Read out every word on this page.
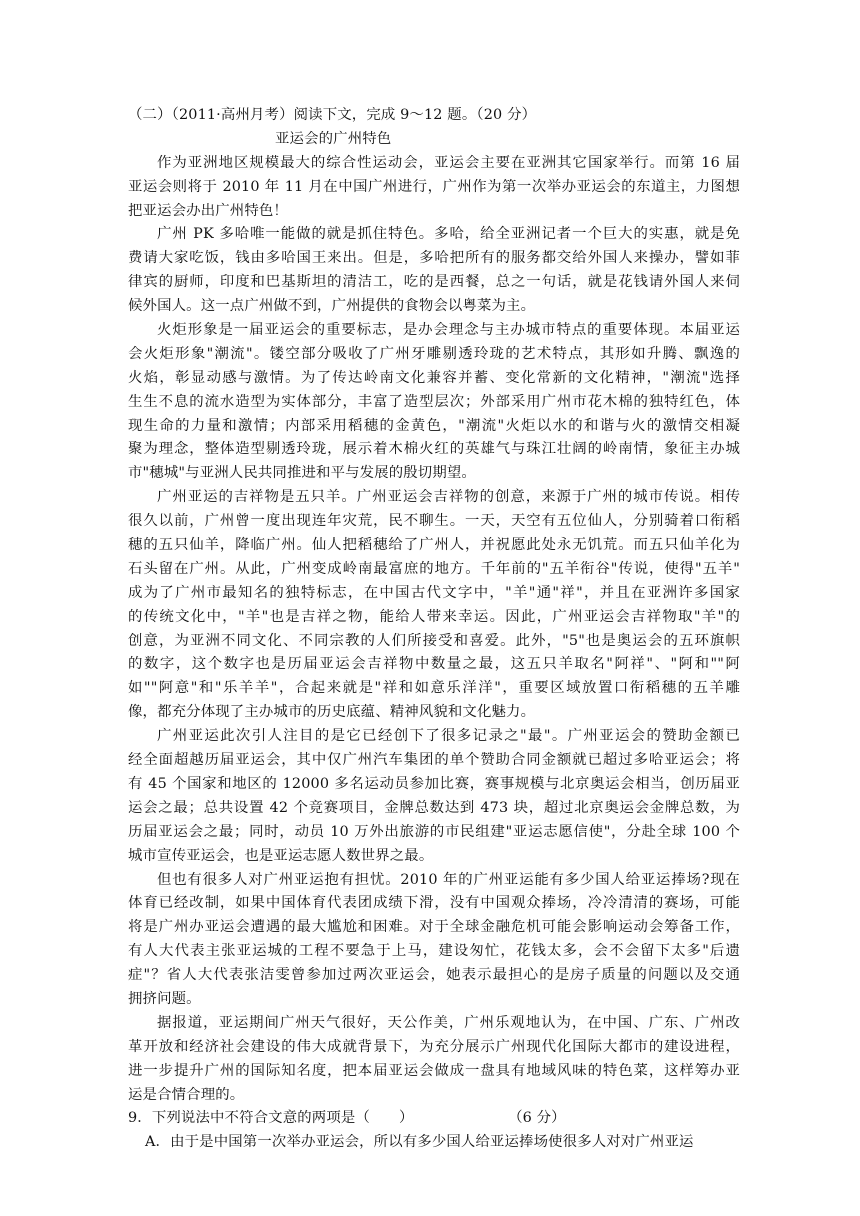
（二）（2011·高州月考）阅读下文，完成 9～12 题。（20 分）
亚运会的广州特色
作为亚洲地区规模最大的综合性运动会，亚运会主要在亚洲其它国家举行。而第 16 届
亚运会则将于 2010 年 11 月在中国广州进行，广州作为第一次举办亚运会的东道主，力图想
把亚运会办出广州特色！
广州 PK 多哈唯一能做的就是抓住特色。多哈，给全亚洲记者一个巨大的实惠，就是免
费请大家吃饭，钱由多哈国王来出。但是，多哈把所有的服务都交给外国人来操办，譬如菲
律宾的厨师，印度和巴基斯坦的清洁工，吃的是西餐，总之一句话，就是花钱请外国人来伺
候外国人。这一点广州做不到，广州提供的食物会以粤菜为主。
火炬形象是一届亚运会的重要标志，是办会理念与主办城市特点的重要体现。本届亚运
会火炬形象"潮流"。镂空部分吸收了广州牙雕剔透玲珑的艺术特点，其形如升腾、飘逸的
火焰，彰显动感与激情。为了传达岭南文化兼容并蓄、变化常新的文化精神，"潮流"选择
生生不息的流水造型为实体部分，丰富了造型层次；外部采用广州市花木棉的独特红色，体
现生命的力量和激情；内部采用稻穗的金黄色，"潮流"火炬以水的和谐与火的激情交相凝
聚为理念，整体造型剔透玲珑，展示着木棉火红的英雄气与珠江壮阔的岭南情，象征主办城
市"穗城"与亚洲人民共同推进和平与发展的殷切期望。
广州亚运的吉祥物是五只羊。广州亚运会吉祥物的创意，来源于广州的城市传说。相传
很久以前，广州曾一度出现连年灾荒，民不聊生。一天，天空有五位仙人，分别骑着口衔稻
穗的五只仙羊，降临广州。仙人把稻穗给了广州人，并祝愿此处永无饥荒。而五只仙羊化为
石头留在广州。从此，广州变成岭南最富庶的地方。千年前的"五羊衔谷"传说，使得"五羊"
成为了广州市最知名的独特标志，在中国古代文字中，"羊"通"祥"，并且在亚洲许多国家
的传统文化中，"羊"也是吉祥之物，能给人带来幸运。因此，广州亚运会吉祥物取"羊"的
创意，为亚洲不同文化、不同宗教的人们所接受和喜爱。此外，"5"也是奥运会的五环旗帜
的数字，这个数字也是历届亚运会吉祥物中数量之最，这五只羊取名"阿祥"、"阿和""阿
如""阿意"和"乐羊羊"，合起来就是"祥和如意乐洋洋"，重要区域放置口衔稻穗的五羊雕
像，都充分体现了主办城市的历史底蕴、精神风貌和文化魅力。
广州亚运此次引人注目的是它已经创下了很多记录之"最"。广州亚运会的赞助金额已
经全面超越历届亚运会，其中仅广州汽车集团的单个赞助合同金额就已超过多哈亚运会；将
有 45 个国家和地区的 12000 多名运动员参加比赛，赛事规模与北京奥运会相当，创历届亚
运会之最；总共设置 42 个竞赛项目，金牌总数达到 473 块，超过北京奥运会金牌总数，为
历届亚运会之最；同时，动员 10 万外出旅游的市民组建"亚运志愿信使"，分赴全球 100 个
城市宣传亚运会，也是亚运志愿人数世界之最。
但也有很多人对广州亚运抱有担忧。2010 年的广州亚运能有多少国人给亚运捧场?现在
体育已经改制，如果中国体育代表团成绩下滑，没有中国观众捧场，冷冷清清的赛场，可能
将是广州办亚运会遭遇的最大尴尬和困难。对于全球金融危机可能会影响运动会筹备工作，
有人大代表主张亚运城的工程不要急于上马，建设匆忙，花钱太多，会不会留下太多"后遗
症"？省人大代表张洁雯曾参加过两次亚运会，她表示最担心的是房子质量的问题以及交通
拥挤问题。
据报道，亚运期间广州天气很好，天公作美，广州乐观地认为，在中国、广东、广州改
革开放和经济社会建设的伟大成就背景下，为充分展示广州现代化国际大都市的建设进程，
进一步提升广州的国际知名度，把本届亚运会做成一盘具有地域风味的特色菜，这样筹办亚
运是合情合理的。
9．下列说法中不符合文意的两项是（　　）                    （6 分）
A．由于是中国第一次举办亚运会，所以有多少国人给亚运捧场使很多人对对广州亚运
